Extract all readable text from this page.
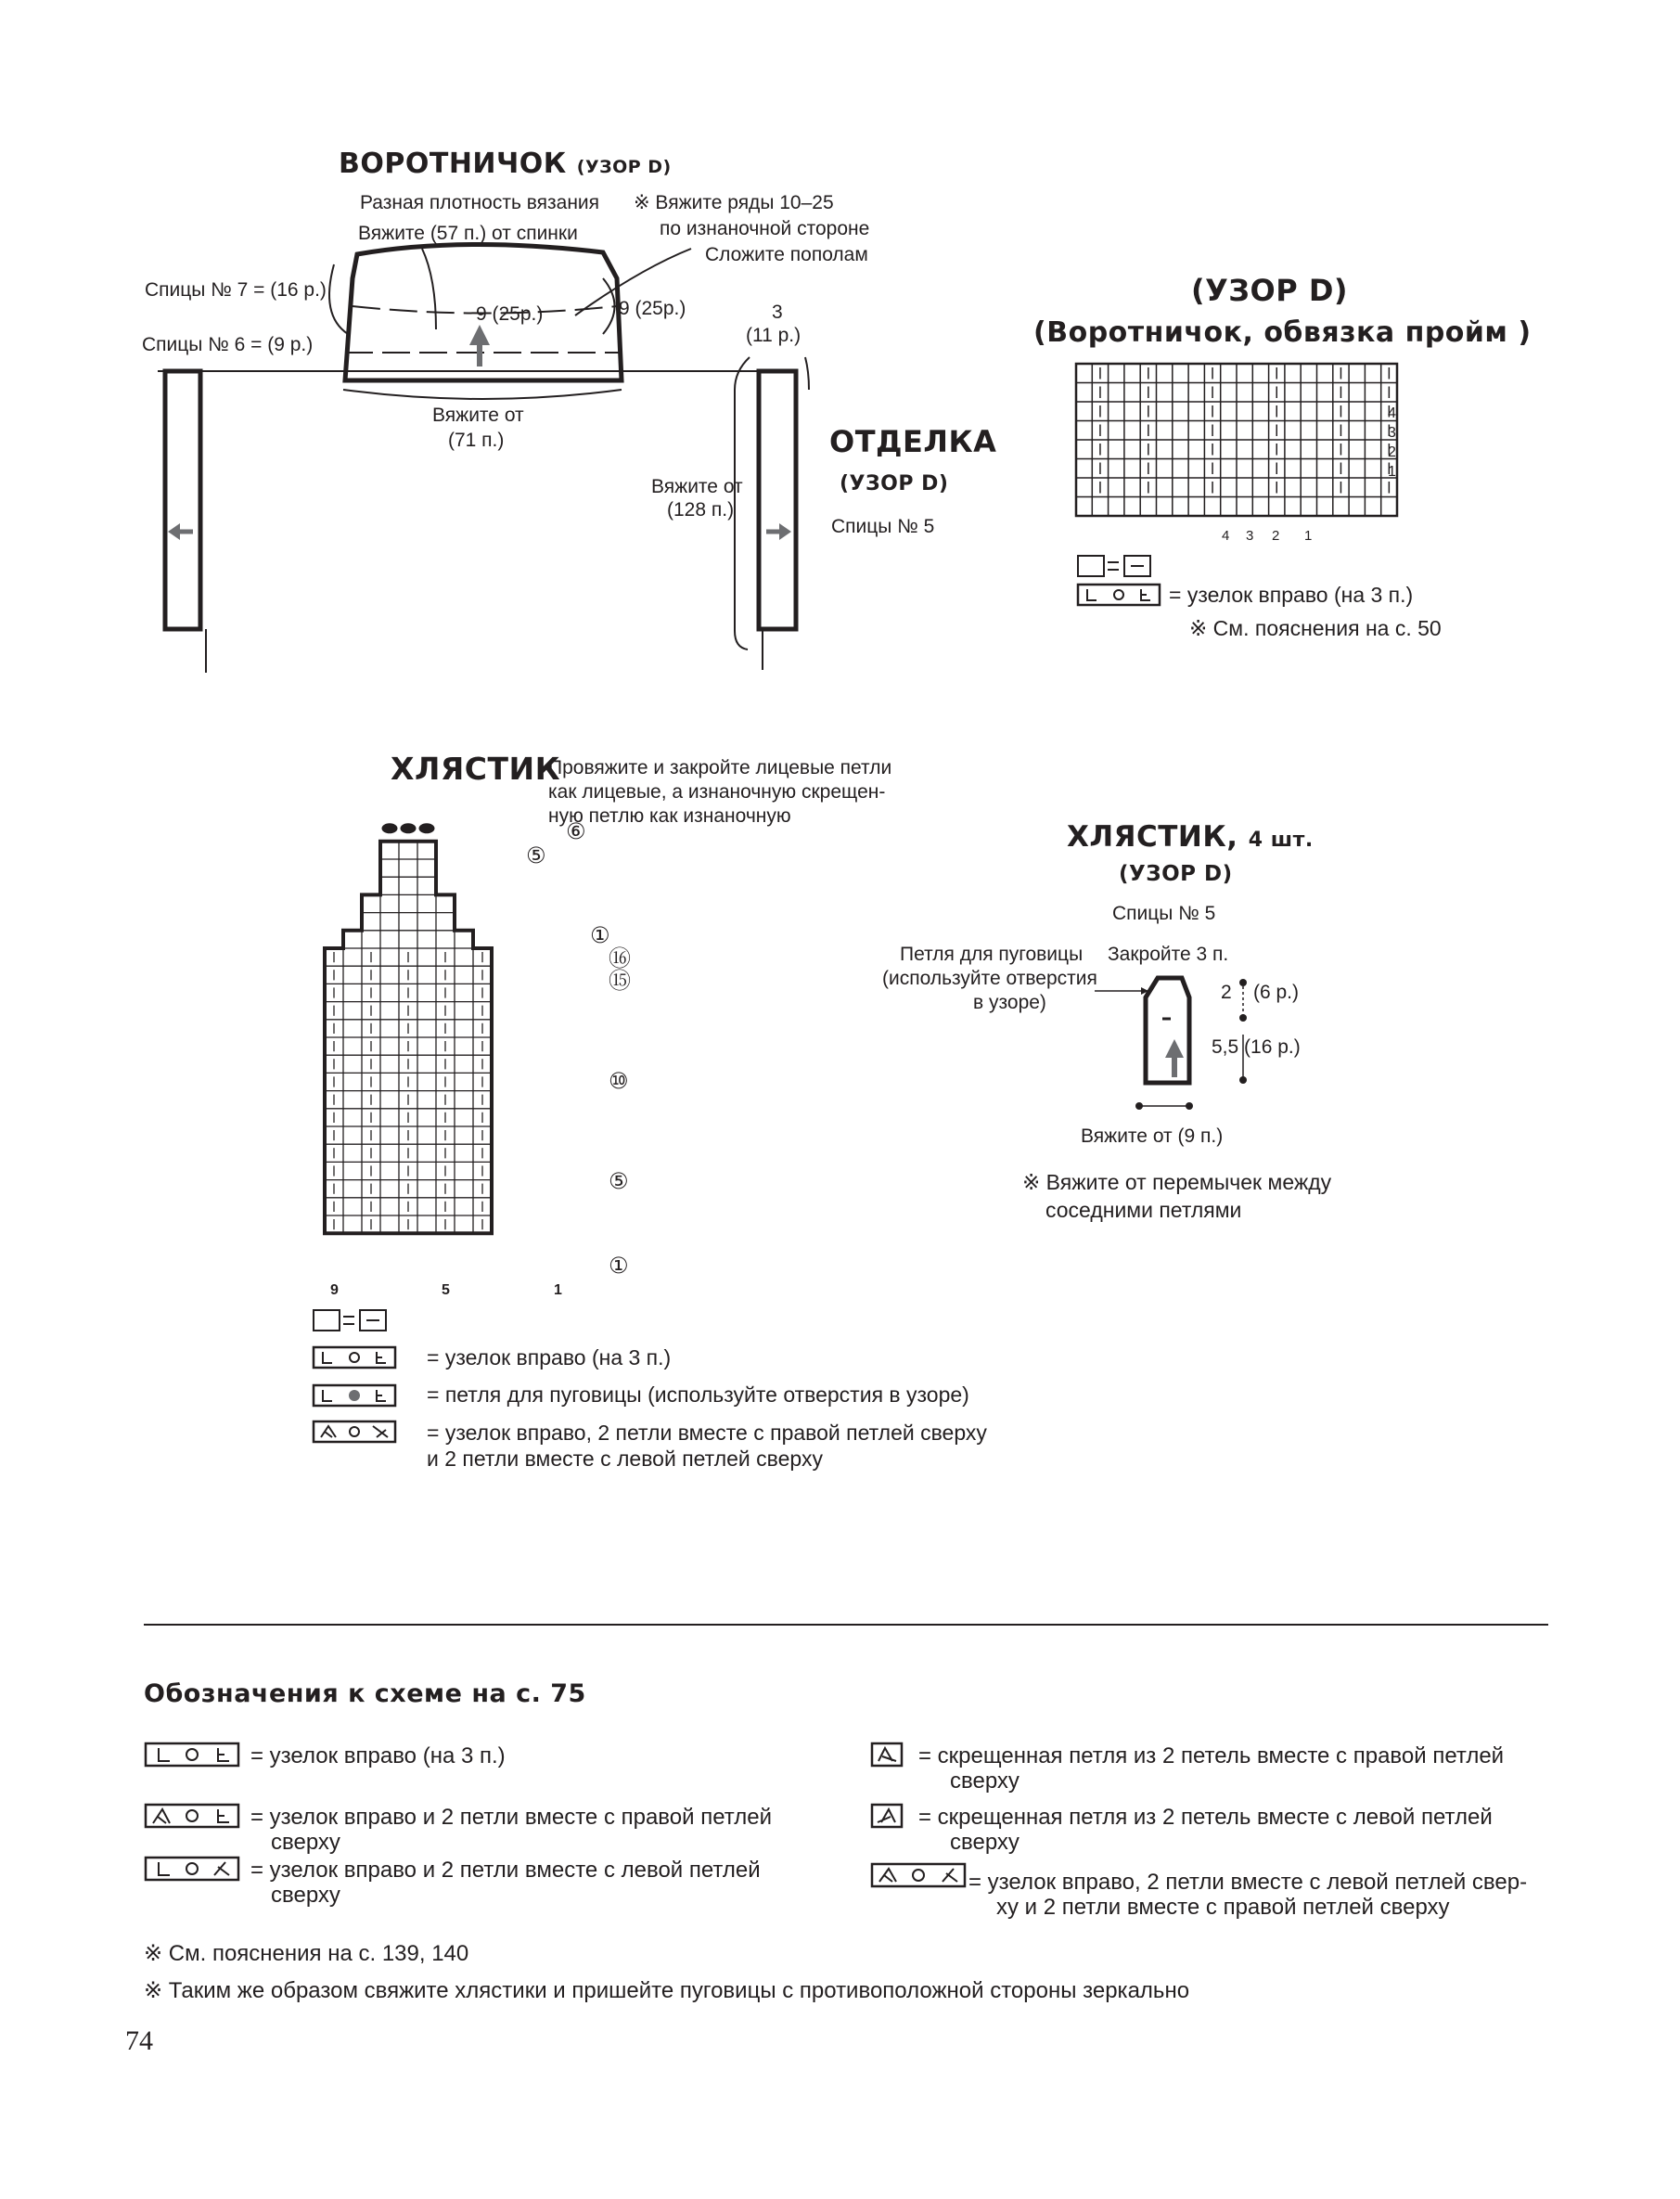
ВОРОТНИЧОК (УЗОР D)
Разная плотность вязания
Вяжите (57 п.) от спинки
※ Вяжите ряды 10–25
по изнаночной стороне
Сложите пополам
Спицы № 7 = (16 р.)
Спицы № 6 = (9 р.)
9 (25р.)	9 (25р.)
Вяжите от
(71 п.)
3
(11 р.)
ОТДЕЛКА
(УЗОР D)
Спицы № 5
Вяжите от
(128 п.)
(УЗОР D)
(Воротничок, обвязка пройм )
4
3
2
1
4 3 2 1
= узелок вправо (на 3 п.)
※ См. пояснения на с. 50
ХЛЯСТИК
Провяжите и закройте лицевые петли
как лицевые, а изнаночную скрещен-
ную петлю как изнаночную
⑥
⑤
①
⑯
⑮
⑩
⑤
①
9	5	1
= узелок вправо (на 3 п.)
= петля для пуговицы (используйте отверстия в узоре)
= узелок вправо, 2 петли вместе с правой петлей сверху
и 2 петли вместе с левой петлей сверху
ХЛЯСТИК, 4 шт.
(УЗОР D)
Спицы № 5
Петля для пуговицы
(используйте отверстия
в узоре)
Закройте 3 п.
2 (6 р.)
5,5 (16 р.)
Вяжите от (9 п.)
※ Вяжите от перемычек между
соседними петлями
Обозначения к схеме на с. 75
= узелок вправо (на 3 п.)
= узелок вправо и 2 петли вместе с правой петлей
сверху
= узелок вправо и 2 петли вместе с левой петлей
сверху
= скрещенная петля из 2 петель вместе с правой петлей
сверху
= скрещенная петля из 2 петель вместе с левой петлей
сверху
= узелок вправо, 2 петли вместе с левой петлей свер-
ху и 2 петли вместе с правой петлей сверху
※ См. пояснения на с. 139, 140
※ Таким же образом свяжите хлястики и пришейте пуговицы с противоположной стороны зеркально
74
